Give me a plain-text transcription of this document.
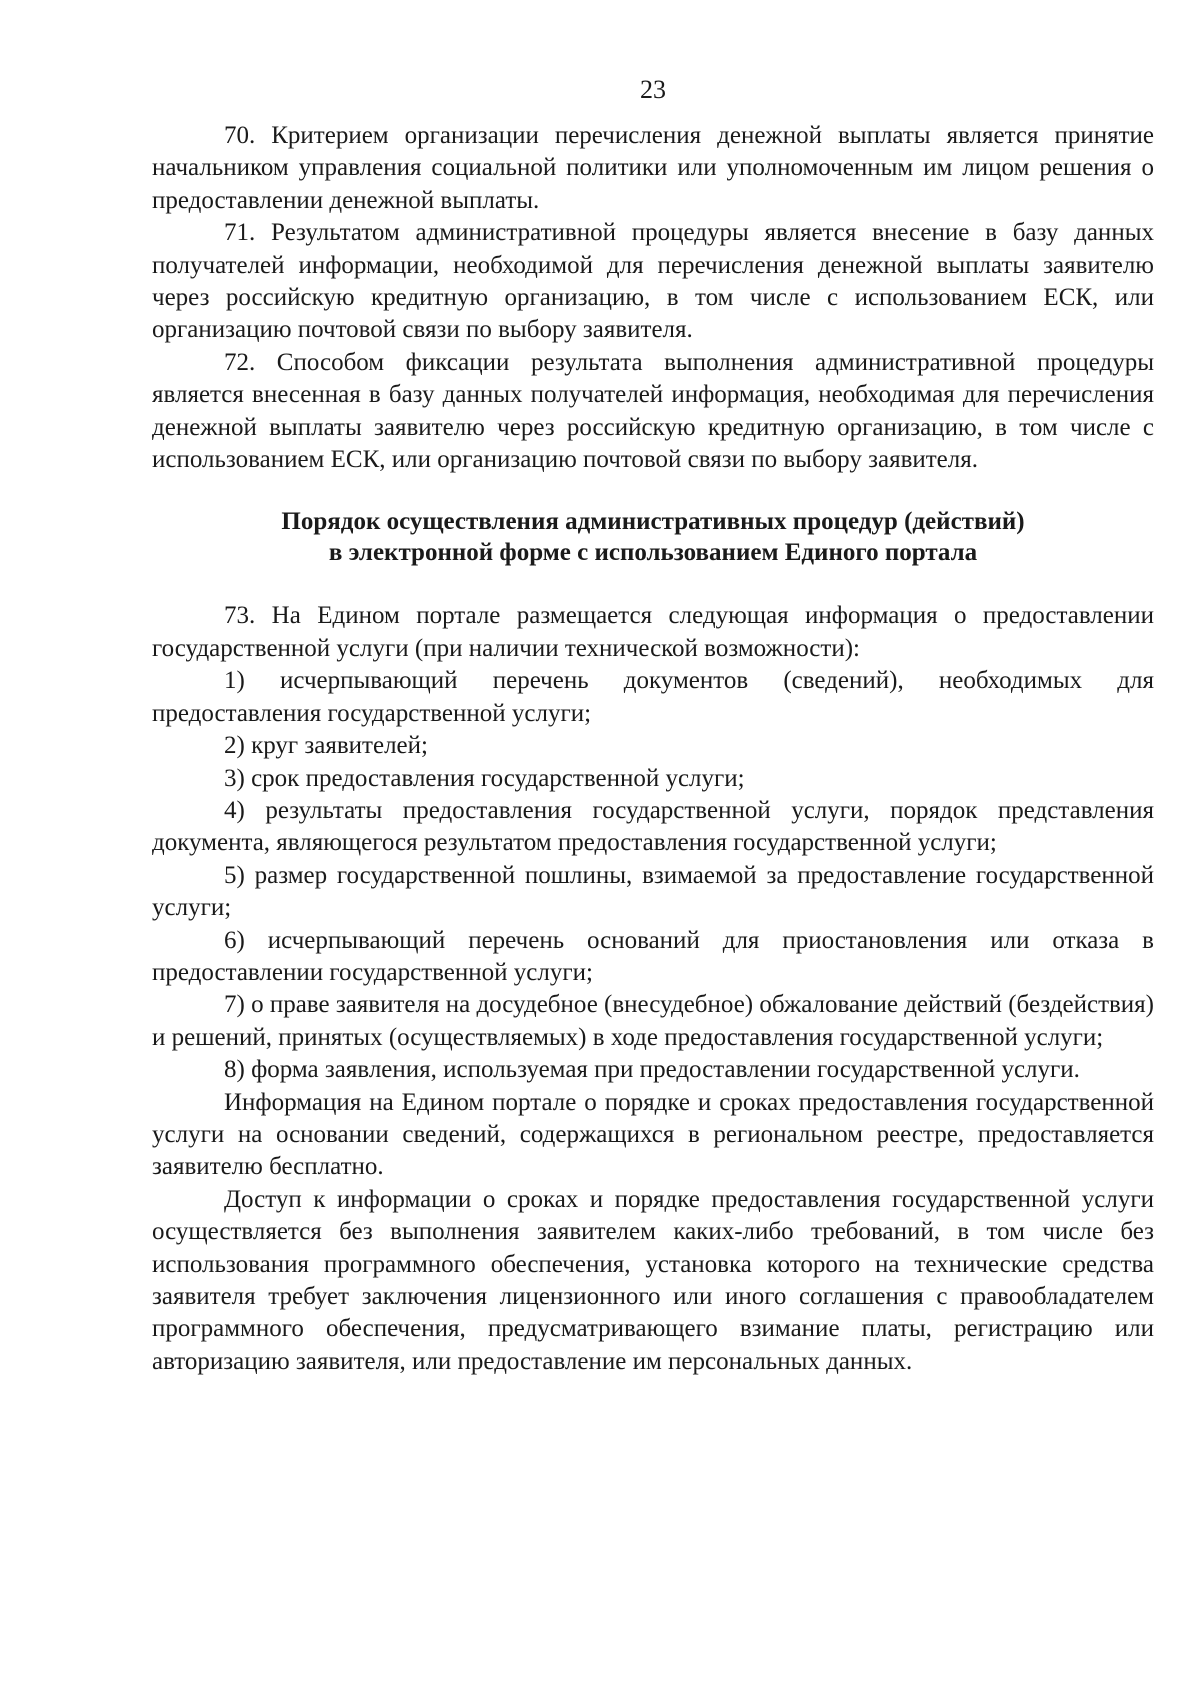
23

70. Критерием организации перечисления денежной выплаты является принятие начальником управления социальной политики или уполномоченным им лицом решения о предоставлении денежной выплаты.

71. Результатом административной процедуры является внесение в базу данных получателей информации, необходимой для перечисления денежной выплаты заявителю через российскую кредитную организацию, в том числе с использованием ЕСК, или организацию почтовой связи по выбору заявителя.

72. Способом фиксации результата выполнения административной процедуры является внесенная в базу данных получателей информация, необходимая для перечисления денежной выплаты заявителю через российскую кредитную организацию, в том числе с использованием ЕСК, или организацию почтовой связи по выбору заявителя.

Порядок осуществления административных процедур (действий)
в электронной форме с использованием Единого портала

73. На Едином портале размещается следующая информация о предоставлении государственной услуги (при наличии технической возможности):

1) исчерпывающий перечень документов (сведений), необходимых для предоставления государственной услуги;

2) круг заявителей;

3) срок предоставления государственной услуги;

4) результаты предоставления государственной услуги, порядок представления документа, являющегося результатом предоставления государственной услуги;

5) размер государственной пошлины, взимаемой за предоставление государственной услуги;

6) исчерпывающий перечень оснований для приостановления или отказа в предоставлении государственной услуги;

7) о праве заявителя на досудебное (внесудебное) обжалование действий (бездействия) и решений, принятых (осуществляемых) в ходе предоставления государственной услуги;

8) форма заявления, используемая при предоставлении государственной услуги.

Информация на Едином портале о порядке и сроках предоставления государственной услуги на основании сведений, содержащихся в региональном реестре, предоставляется заявителю бесплатно.

Доступ к информации о сроках и порядке предоставления государственной услуги осуществляется без выполнения заявителем каких-либо требований, в том числе без использования программного обеспечения, установка которого на технические средства заявителя требует заключения лицензионного или иного соглашения с правообладателем программного обеспечения, предусматривающего взимание платы, регистрацию или авторизацию заявителя, или предоставление им персональных данных.
